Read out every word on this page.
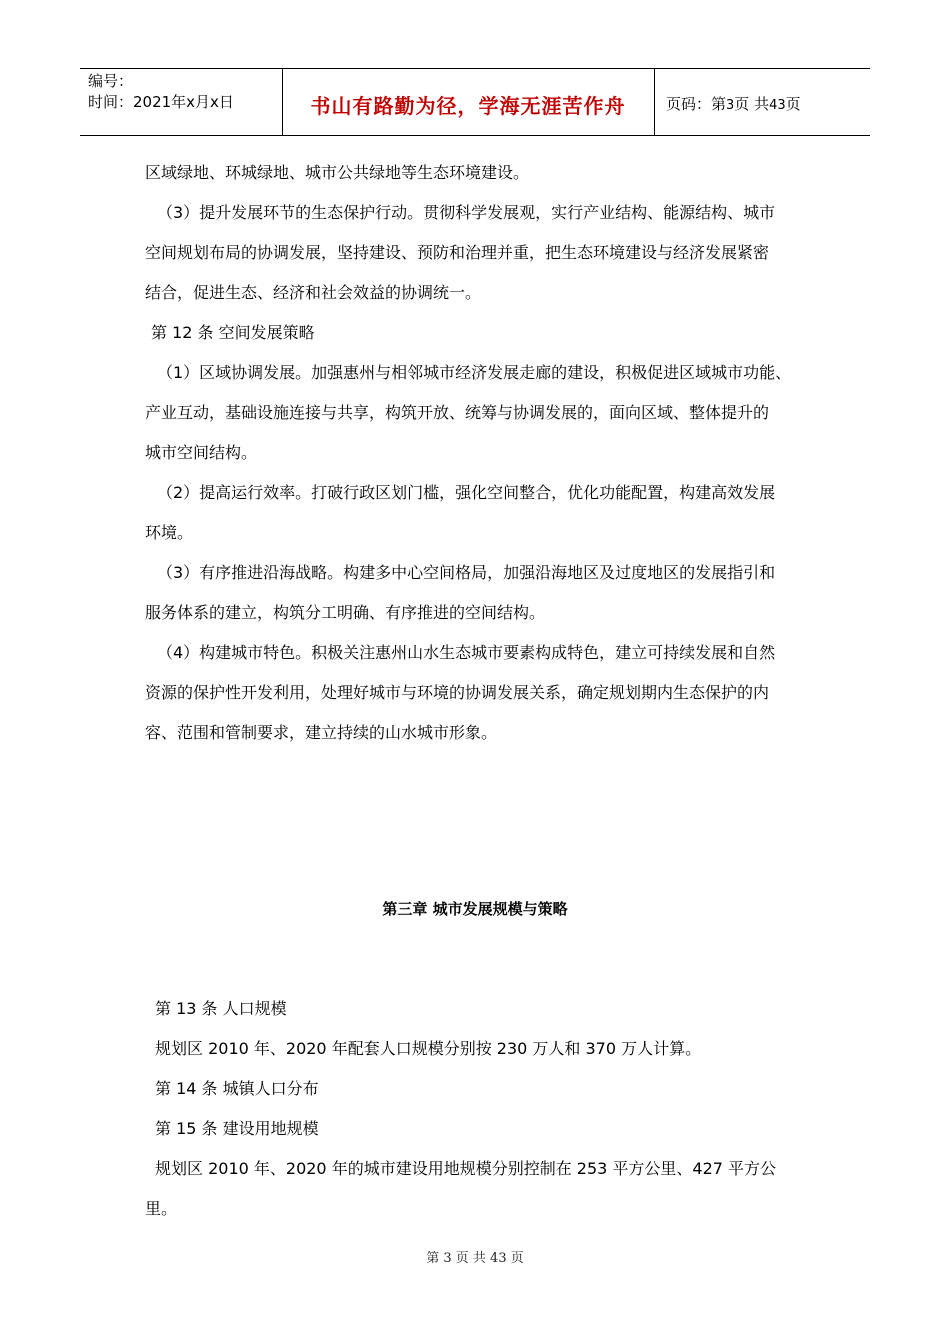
编号：
时间：2021年x月x日	书山有路勤为径，学海无涯苦作舟	页码：第3页 共43页
区域绿地、环城绿地、城市公共绿地等生态环境建设。
（3）提升发展环节的生态保护行动。贯彻科学发展观，实行产业结构、能源结构、城市
空间规划布局的协调发展，坚持建设、预防和治理并重，把生态环境建设与经济发展紧密
结合，促进生态、经济和社会效益的协调统一。
第 12 条 空间发展策略
（1）区域协调发展。加强惠州与相邻城市经济发展走廊的建设，积极促进区域城市功能、
产业互动，基础设施连接与共享，构筑开放、统筹与协调发展的，面向区域、整体提升的
城市空间结构。
（2）提高运行效率。打破行政区划门槛，强化空间整合，优化功能配置，构建高效发展
环境。
（3）有序推进沿海战略。构建多中心空间格局，加强沿海地区及过度地区的发展指引和
服务体系的建立，构筑分工明确、有序推进的空间结构。
（4）构建城市特色。积极关注惠州山水生态城市要素构成特色，建立可持续发展和自然
资源的保护性开发利用，处理好城市与环境的协调发展关系，确定规划期内生态保护的内
容、范围和管制要求，建立持续的山水城市形象。
第三章 城市发展规模与策略
第 13 条 人口规模
规划区 2010 年、2020 年配套人口规模分别按 230 万人和 370 万人计算。
第 14 条 城镇人口分布
第 15 条 建设用地规模
规划区 2010 年、2020 年的城市建设用地规模分别控制在 253 平方公里、427 平方公
里。
第 3 页 共 43 页
